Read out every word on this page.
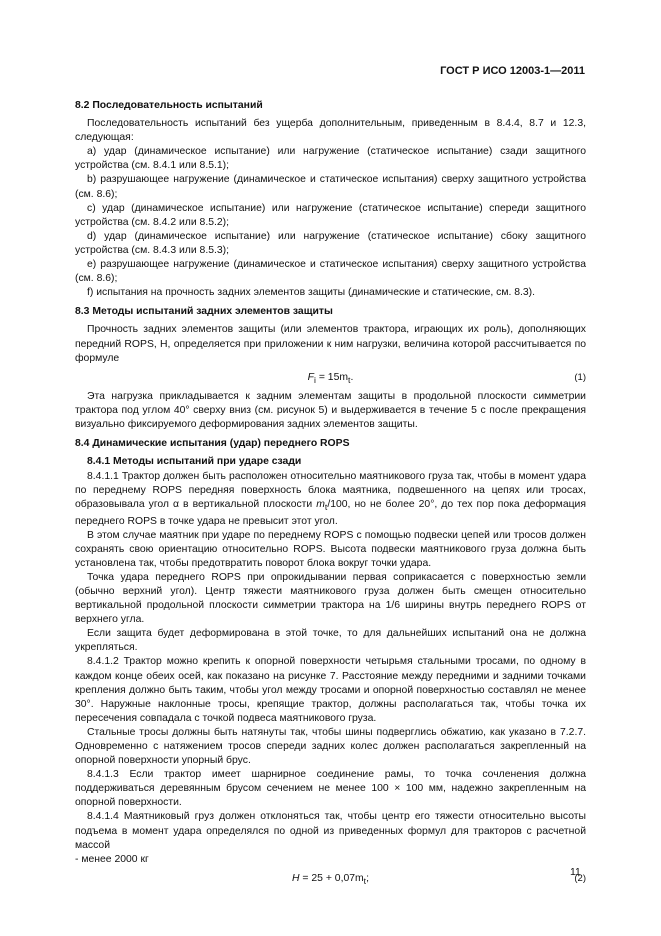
ГОСТ Р ИСО 12003-1—2011

8.2 Последовательность испытаний

Последовательность испытаний без ущерба дополнительным, приведенным в 8.4.4, 8.7 и 12.3, следующая:

а) удар (динамическое испытание) или нагружение (статическое испытание) сзади защитного устройства (см. 8.4.1 или 8.5.1);

b) разрушающее нагружение (динамическое и статическое испытания) сверху защитного устройства (см. 8.6);

с) удар (динамическое испытание) или нагружение (статическое испытание) спереди защитного устройства (см. 8.4.2 или 8.5.2);

d) удар (динамическое испытание) или нагружение (статическое испытание) сбоку защитного устройства (см. 8.4.3 или 8.5.3);

e) разрушающее нагружение (динамическое и статическое испытания) сверху защитного устройства (см. 8.6);

f) испытания на прочность задних элементов защиты (динамические и статические, см. 8.3).

8.3 Методы испытаний задних элементов защиты

Прочность задних элементов защиты (или элементов трактора, играющих их роль), дополняющих передний ROPS, Н, определяется при приложении к ним нагрузки, величина которой рассчитывается по формуле

$F_i = 15m_t$.	(1)

Эта нагрузка прикладывается к задним элементам защиты в продольной плоскости симметрии трактора под углом 40° сверху вниз (см. рисунок 5) и выдерживается в течение 5 с после прекращения визуально фиксируемого деформирования задних элементов защиты.

8.4 Динамические испытания (удар) переднего ROPS

8.4.1 Методы испытаний при ударе сзади

8.4.1.1 Трактор должен быть расположен относительно маятникового груза так, чтобы в момент удара по переднему ROPS передняя поверхность блока маятника, подвешенного на цепях или тросах, образовывала угол α в вертикальной плоскости $m_t/100$, но не более 20°, до тех пор пока деформация переднего ROPS в точке удара не превысит этот угол.

В этом случае маятник при ударе по переднему ROPS с помощью подвески цепей или тросов должен сохранять свою ориентацию относительно ROPS. Высота подвески маятникового груза должна быть установлена так, чтобы предотвратить поворот блока вокруг точки удара.

Точка удара переднего ROPS при опрокидывании первая соприкасается с поверхностью земли (обычно верхний угол). Центр тяжести маятникового груза должен быть смещен относительно вертикальной продольной плоскости симметрии трактора на 1/6 ширины внутрь переднего ROPS от верхнего угла.

Если защита будет деформирована в этой точке, то для дальнейших испытаний она не должна укрепляться.

8.4.1.2 Трактор можно крепить к опорной поверхности четырьмя стальными тросами, по одному в каждом конце обеих осей, как показано на рисунке 7. Расстояние между передними и задними точками крепления должно быть таким, чтобы угол между тросами и опорной поверхностью составлял не менее 30°. Наружные наклонные тросы, крепящие трактор, должны располагаться так, чтобы точка их пересечения совпадала с точкой подвеса маятникового груза.

Стальные тросы должны быть натянуты так, чтобы шины подверглись обжатию, как указано в 7.2.7. Одновременно с натяжением тросов спереди задних колес должен располагаться закрепленный на опорной поверхности упорный брус.

8.4.1.3 Если трактор имеет шарнирное соединение рамы, то точка сочленения должна поддерживаться деревянным брусом сечением не менее 100 × 100 мм, надежно закрепленным на опорной поверхности.

8.4.1.4 Маятниковый груз должен отклоняться так, чтобы центр его тяжести относительно высоты подъема в момент удара определялся по одной из приведенных формул для тракторов с расчетной массой

- менее 2000 кг

$H = 25 + 0,07m_t$;	(2)
11
